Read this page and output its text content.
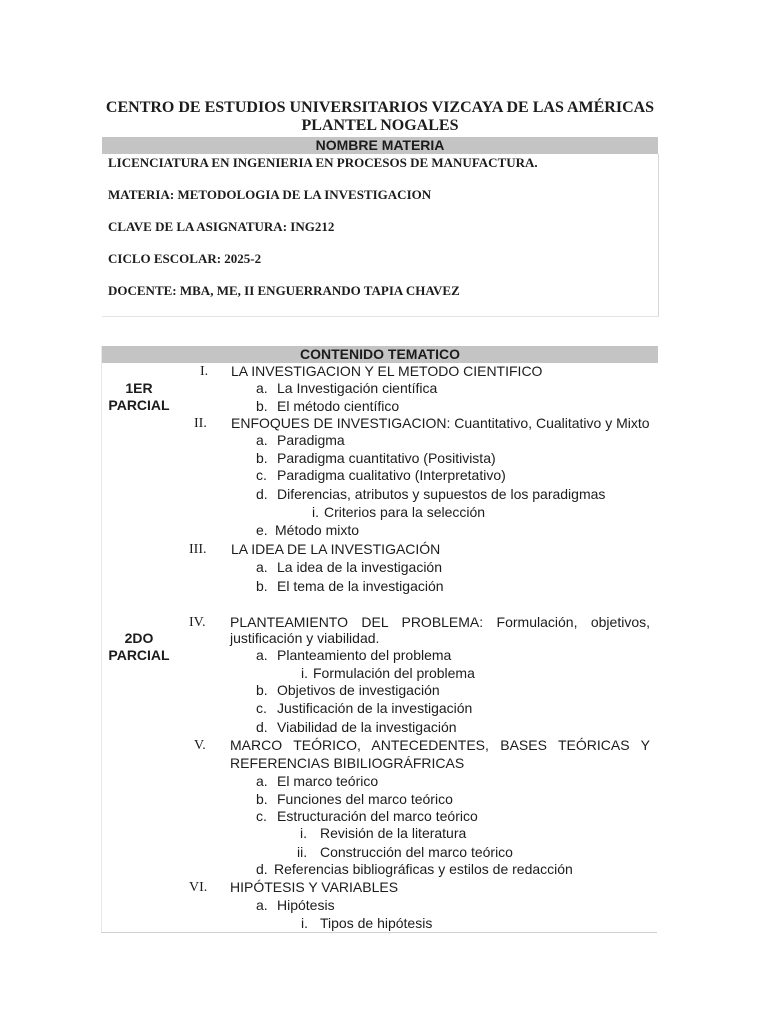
CENTRO DE ESTUDIOS UNIVERSITARIOS VIZCAYA DE LAS AMÉRICAS
PLANTEL NOGALES
NOMBRE MATERIA
LICENCIATURA EN INGENIERIA EN PROCESOS DE MANUFACTURA.
MATERIA: METODOLOGIA DE LA INVESTIGACION
CLAVE DE LA ASIGNATURA: ING212
CICLO ESCOLAR: 2025-2
DOCENTE: MBA, ME, II ENGUERRANDO TAPIA CHAVEZ
CONTENIDO TEMATICO
1ER
PARCIAL
2DO
PARCIAL
I. LA INVESTIGACION Y EL METODO CIENTIFICO
a. La Investigación científica
b. El método científico
II. ENFOQUES DE INVESTIGACION: Cuantitativo, Cualitativo y Mixto
a. Paradigma
b. Paradigma cuantitativo (Positivista)
c. Paradigma cualitativo (Interpretativo)
d. Diferencias, atributos y supuestos de los paradigmas
i. Criterios para la selección
e. Método mixto
III. LA IDEA DE LA INVESTIGACIÓN
a. La idea de la investigación
b. El tema de la investigación
IV. PLANTEAMIENTO DEL PROBLEMA: Formulación, objetivos,
justificación y viabilidad.
a. Planteamiento del problema
i. Formulación del problema
b. Objetivos de investigación
c. Justificación de la investigación
d. Viabilidad de la investigación
V. MARCO TEÓRICO, ANTECEDENTES, BASES TEÓRICAS Y
REFERENCIAS BIBILIOGRÁFRICAS
a. El marco teórico
b. Funciones del marco teórico
c. Estructuración del marco teórico
i. Revisión de la literatura
ii. Construcción del marco teórico
d. Referencias bibliográficas y estilos de redacción
VI. HIPÓTESIS Y VARIABLES
a. Hipótesis
i. Tipos de hipótesis
